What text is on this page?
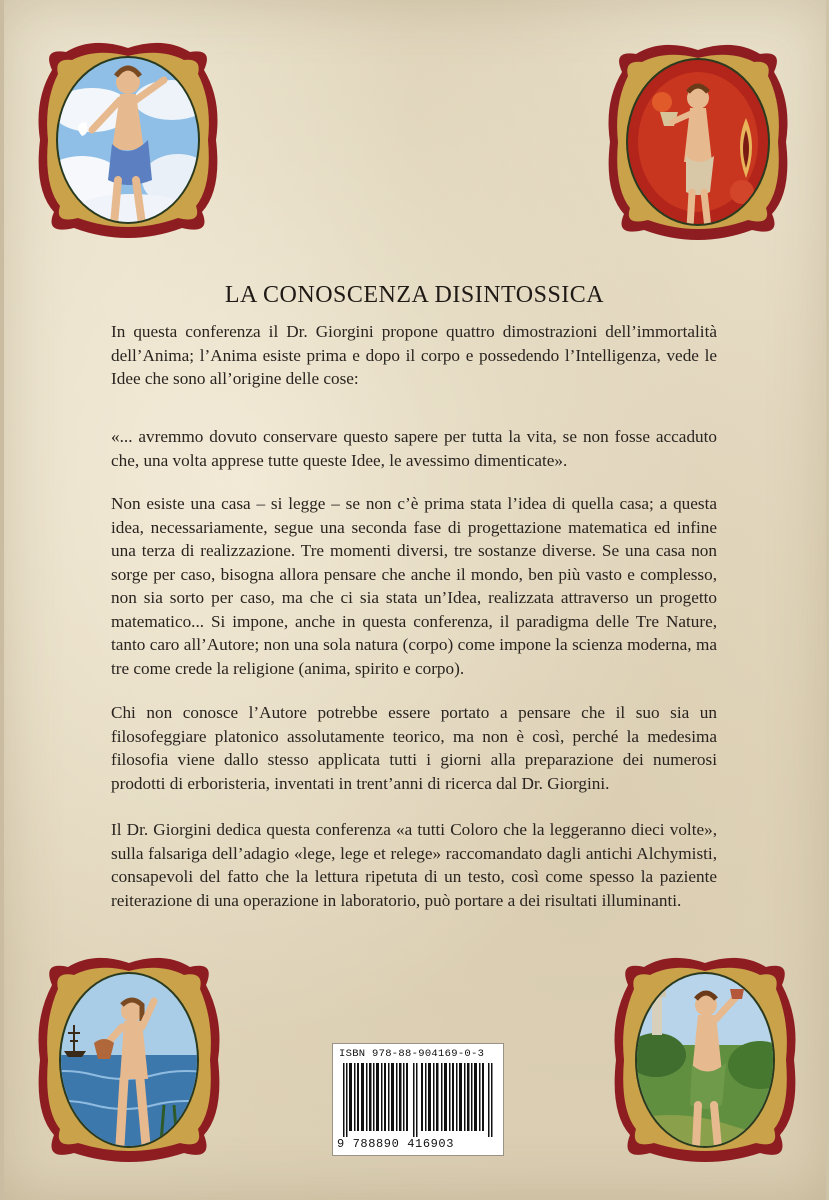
LA CONOSCENZA DISINTOSSICA

In questa conferenza il Dr. Giorgini propone quattro dimostrazioni dell’immortalità dell’Anima; l’Anima esiste prima e dopo il corpo e possedendo l’Intelligenza, vede le Idee che sono all’origine delle cose:

«... avremmo dovuto conservare questo sapere per tutta la vita, se non fosse accaduto che, una volta apprese tutte queste Idee, le avessimo dimenticate».

Non esiste una casa – si legge – se non c’è prima stata l’idea di quella casa; a questa idea, necessariamente, segue una seconda fase di progettazione matematica ed infine una terza di realizzazione. Tre momenti diversi, tre sostanze diverse. Se una casa non sorge per caso, bisogna allora pensare che anche il mondo, ben più vasto e complesso, non sia sorto per caso, ma che ci sia stata un’Idea, realizzata attraverso un progetto matematico... Si impone, anche in questa conferenza, il paradigma delle Tre Nature, tanto caro all’Autore; non una sola natura (corpo) come impone la scienza moderna, ma tre come crede la religione (anima, spirito e corpo).

Chi non conosce l’Autore potrebbe essere portato a pensare che il suo sia un filosofeggiare platonico assolutamente teorico, ma non è così, perché la medesima filosofia viene dallo stesso applicata tutti i giorni alla preparazione dei numerosi prodotti di erboristeria, inventati in trent’anni di ricerca dal Dr. Giorgini.

Il Dr. Giorgini dedica questa conferenza «a tutti Coloro che la leggeranno dieci volte», sulla falsariga dell’adagio «lege, lege et relege» raccomandato dagli antichi Alchymisti, consapevoli del fatto che la lettura ripetuta di un testo, così come spesso la paziente reiterazione di una operazione in laboratorio, può portare a dei risultati illuminanti.

ISBN 978-88-904169-0-3
9 788890 416903
